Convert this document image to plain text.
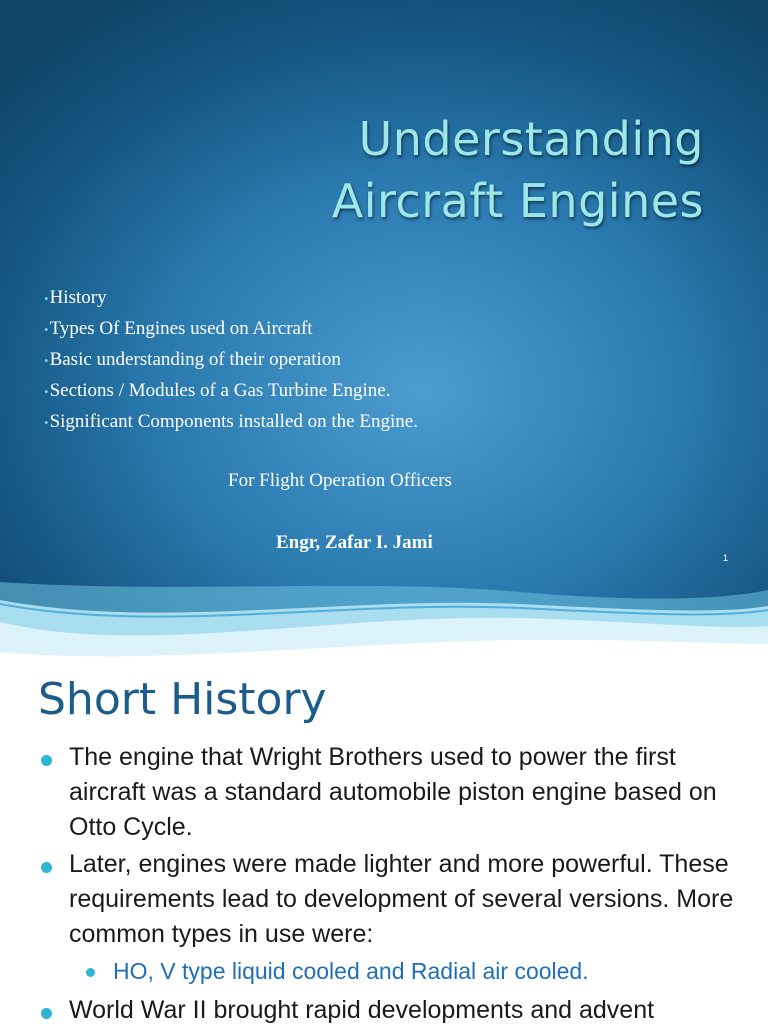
Understanding
Aircraft Engines
•History
•Types Of Engines used on Aircraft
•Basic understanding of their operation
•Sections / Modules of a Gas Turbine Engine.
•Significant Components installed on the Engine.

For Flight Operation Officers

Engr, Zafar I. Jami

1
Short History
The engine that Wright Brothers used to power the first aircraft was a standard automobile piston engine based on Otto Cycle.
Later, engines were made lighter and more powerful. These requirements lead to development of several versions. More common types in use were:
HO, V type liquid cooled and Radial air cooled.
World War II brought rapid developments and advent
